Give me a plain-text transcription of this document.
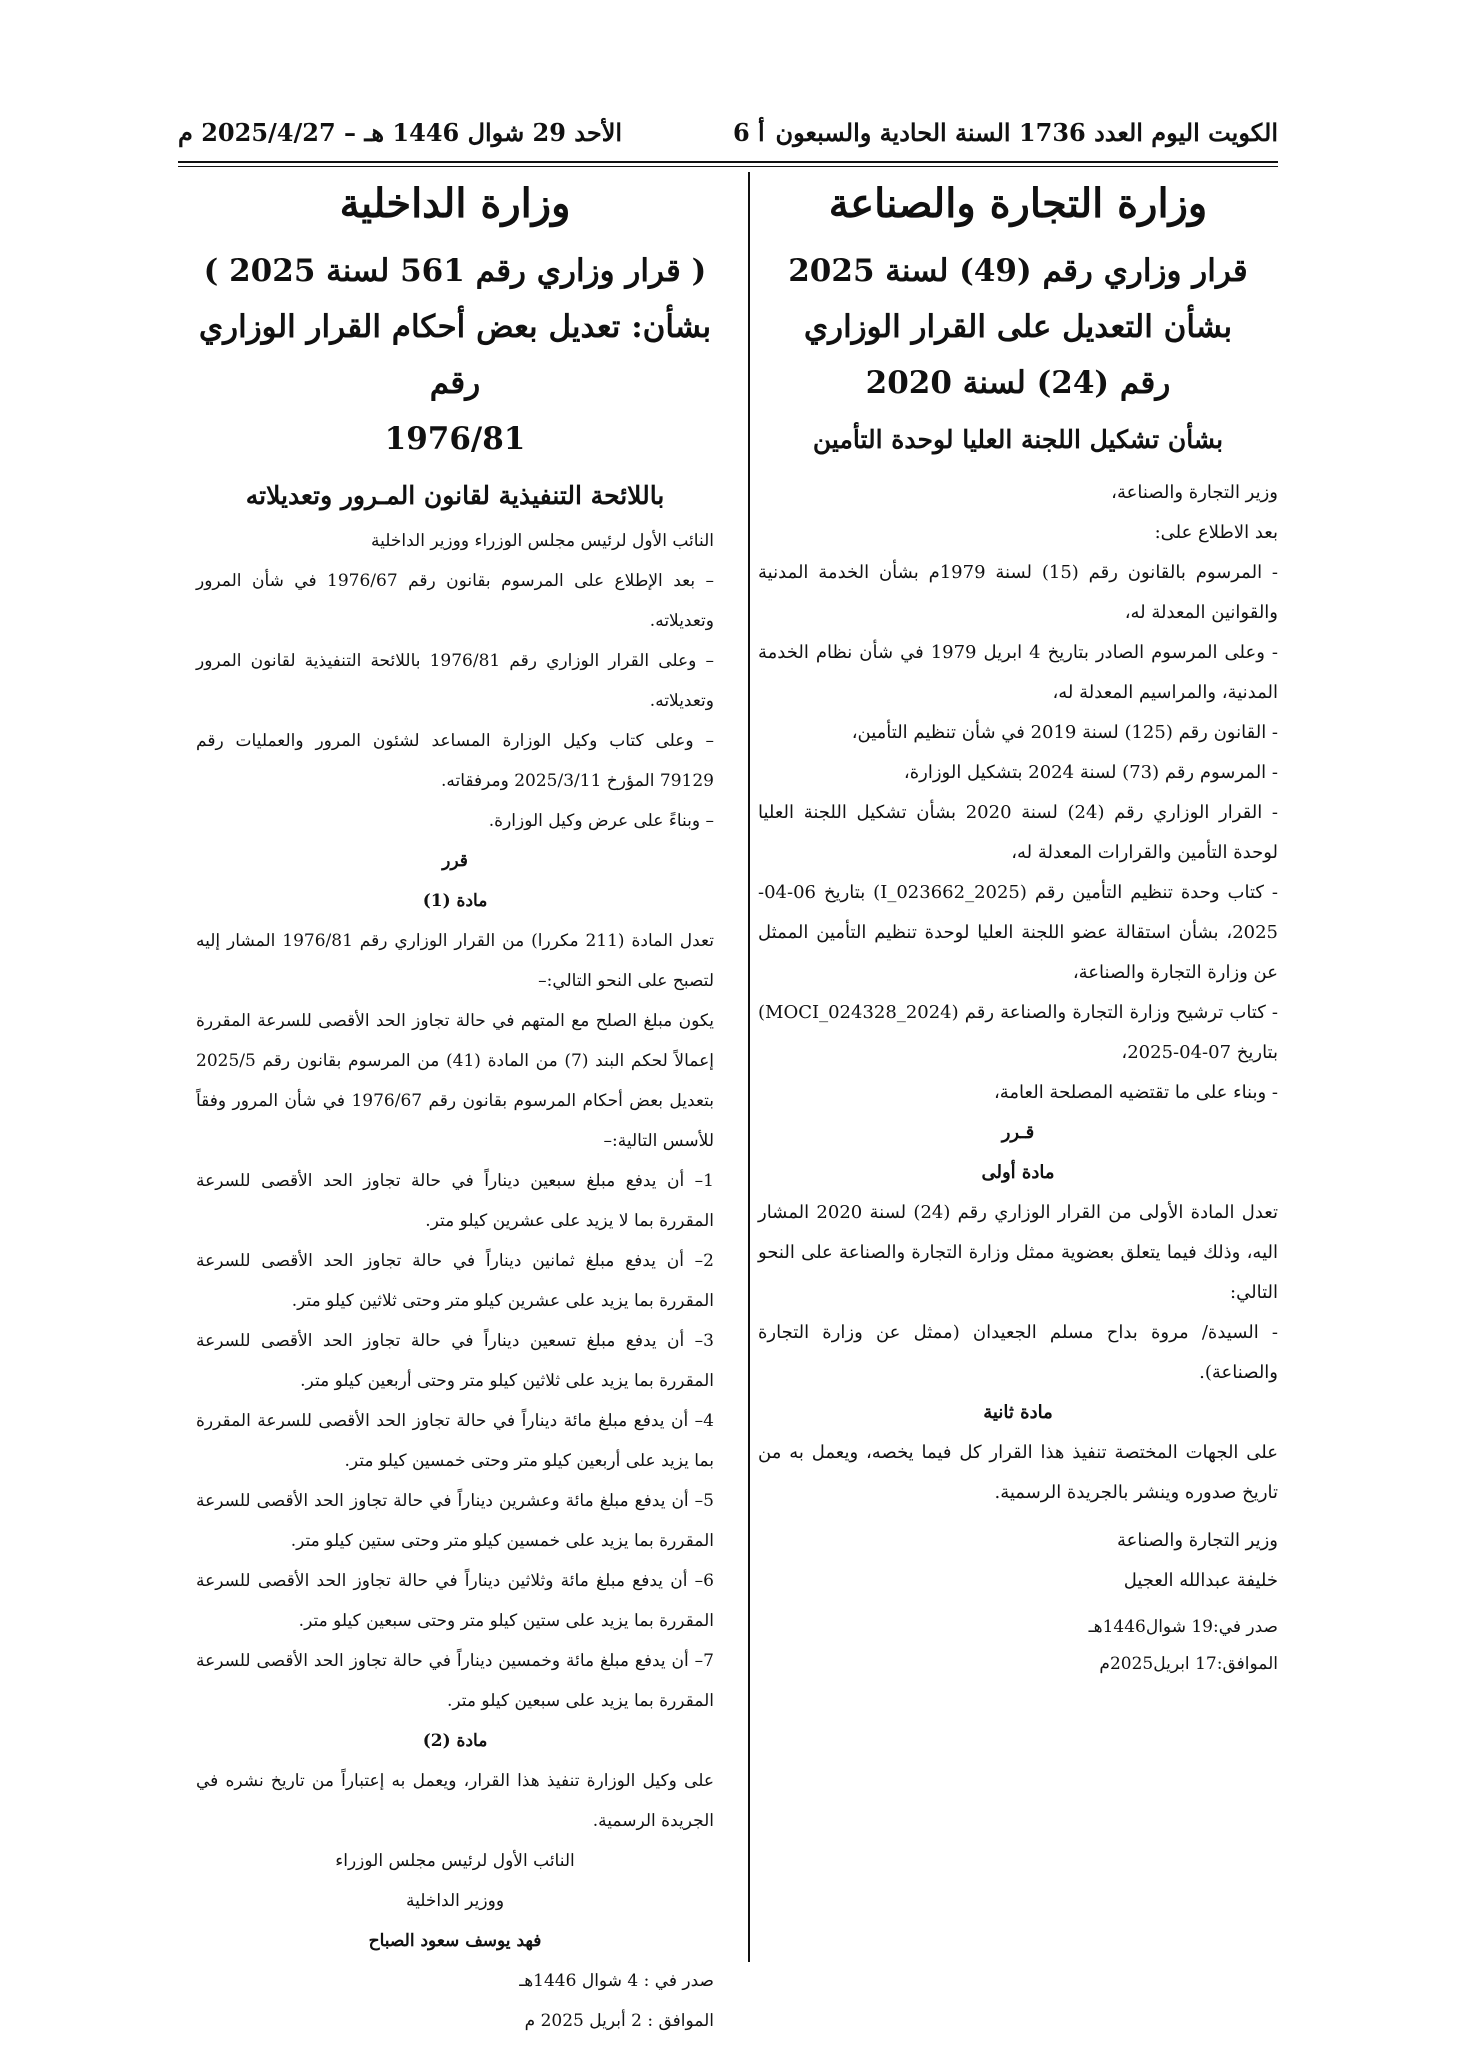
الكويت اليوم العدد 1736 السنة الحادية والسبعون
أ 6
الأحد 29 شوال 1446 هـ – 2025/4/27 م
وزارة التجارة والصناعة
قرار وزاري رقم (49) لسنة 2025
بشأن التعديل على القرار الوزاري
رقم (24) لسنة 2020
بشأن تشكيل اللجنة العليا لوحدة التأمين

وزير التجارة والصناعة،

بعد الاطلاع على:

- المرسوم بالقانون رقم (15) لسنة 1979م بشأن الخدمة المدنية والقوانين المعدلة له،

- وعلى المرسوم الصادر بتاريخ 4 ابريل 1979 في شأن نظام الخدمة المدنية، والمراسيم المعدلة له،

- القانون رقم (125) لسنة 2019 في شأن تنظيم التأمين،

- المرسوم رقم (73) لسنة 2024 بتشكيل الوزارة،

- القرار الوزاري رقم (24) لسنة 2020 بشأن تشكيل اللجنة العليا لوحدة التأمين والقرارات المعدلة له،

- كتاب وحدة تنظيم التأمين رقم (2025_023662_I) بتاريخ 06-04-2025، بشأن استقالة عضو اللجنة العليا لوحدة تنظيم التأمين الممثل عن وزارة التجارة والصناعة،

- كتاب ترشيح وزارة التجارة والصناعة رقم (MOCI_024328_2024) بتاريخ 07-04-2025،

- وبناء على ما تقتضيه المصلحة العامة،

قـرر

مادة أولى

تعدل المادة الأولى من القرار الوزاري رقم (24) لسنة 2020 المشار اليه، وذلك فيما يتعلق بعضوية ممثل وزارة التجارة والصناعة على النحو التالي:

- السيدة/ مروة بداح مسلم الجعيدان (ممثل عن وزارة التجارة والصناعة).

مادة ثانية

على الجهات المختصة تنفيذ هذا القرار كل فيما يخصه، ويعمل به من تاريخ صدوره وينشر بالجريدة الرسمية.

وزير التجارة والصناعة

خليفة عبدالله العجيل

صدر في:19 شوال1446هـ

الموافق:17 ابريل2025م

وزارة الداخلية
( قرار وزاري رقم 561 لسنة 2025 )
بشأن: تعديل بعض أحكام القرار الوزاري رقم
1976/81
باللائحة التنفيذية لقانون المـرور وتعديلاته

النائب الأول لرئيس مجلس الوزراء ووزير الداخلية

– بعد الإطلاع على المرسوم بقانون رقم 1976/67 في شأن المرور وتعديلاته.

– وعلى القرار الوزاري رقم 1976/81 باللائحة التنفيذية لقانون المرور وتعديلاته.

– وعلى كتاب وكيل الوزارة المساعد لشئون المرور والعمليات رقم 79129 المؤرخ 2025/3/11 ومرفقاته.

– وبناءً على عرض وكيل الوزارة.

قرر

مادة (1)

تعدل المادة (211 مكررا) من القرار الوزاري رقم 1976/81 المشار إليه لتصبح على النحو التالي:–

يكون مبلغ الصلح مع المتهم في حالة تجاوز الحد الأقصى للسرعة المقررة إعمالاً لحكم البند (7) من المادة (41) من المرسوم بقانون رقم 2025/5 بتعديل بعض أحكام المرسوم بقانون رقم 1976/67 في شأن المرور وفقاً للأسس التالية:–

1– أن يدفع مبلغ سبعين ديناراً في حالة تجاوز الحد الأقصى للسرعة المقررة بما لا يزيد على عشرين كيلو متر.

2– أن يدفع مبلغ ثمانين ديناراً في حالة تجاوز الحد الأقصى للسرعة المقررة بما يزيد على عشرين كيلو متر وحتى ثلاثين كيلو متر.

3– أن يدفع مبلغ تسعين ديناراً في حالة تجاوز الحد الأقصى للسرعة المقررة بما يزيد على ثلاثين كيلو متر وحتى أربعين كيلو متر.

4– أن يدفع مبلغ مائة ديناراً في حالة تجاوز الحد الأقصى للسرعة المقررة بما يزيد على أربعين كيلو متر وحتى خمسين كيلو متر.

5– أن يدفع مبلغ مائة وعشرين ديناراً في حالة تجاوز الحد الأقصى للسرعة المقررة بما يزيد على خمسين كيلو متر وحتى ستين كيلو متر.

6– أن يدفع مبلغ مائة وثلاثين ديناراً في حالة تجاوز الحد الأقصى للسرعة المقررة بما يزيد على ستين كيلو متر وحتى سبعين كيلو متر.

7– أن يدفع مبلغ مائة وخمسين ديناراً في حالة تجاوز الحد الأقصى للسرعة المقررة بما يزيد على سبعين كيلو متر.

مادة (2)

على وكيل الوزارة تنفيذ هذا القرار، ويعمل به إعتباراً من تاريخ نشره في الجريدة الرسمية.

النائب الأول لرئيس مجلس الوزراء

ووزير الداخلية

فهد يوسف سعود الصباح

صدر في : 4 شوال 1446هـ

الموافق : 2 أبريل 2025 م
